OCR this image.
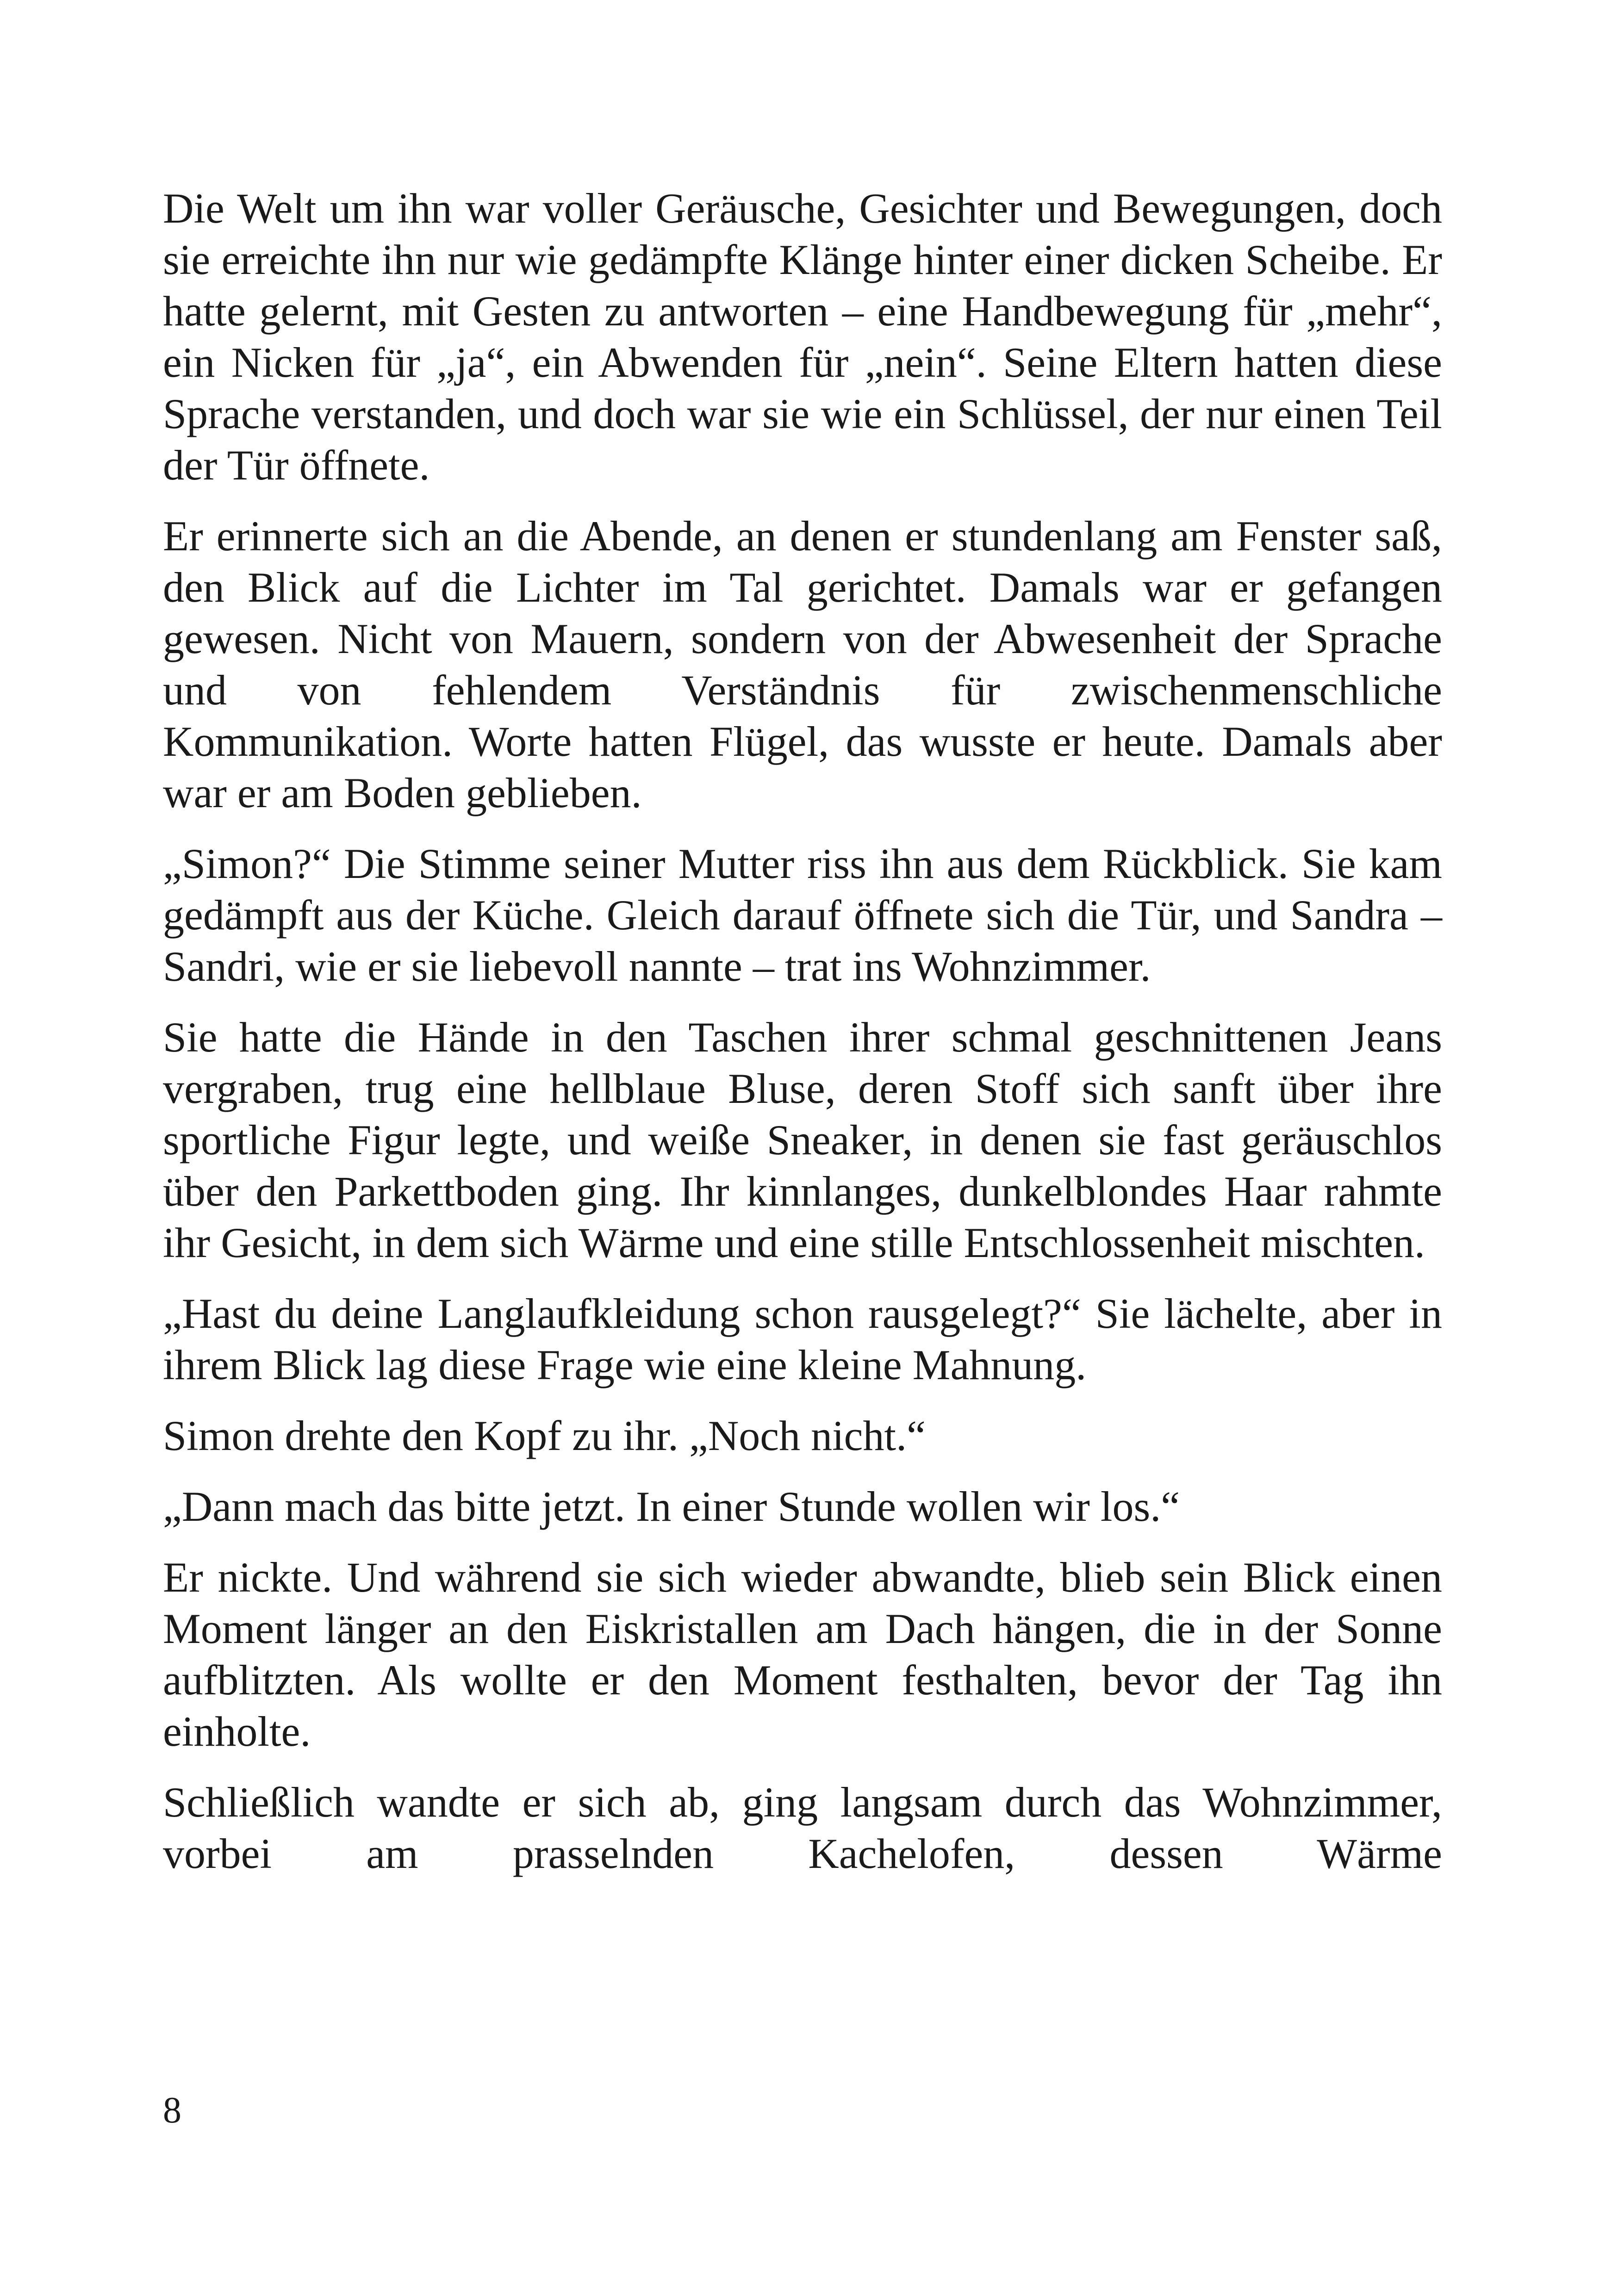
Die Welt um ihn war voller Geräusche, Gesichter und Bewegungen, doch sie erreichte ihn nur wie gedämpfte Klänge hinter einer dicken Scheibe. Er hatte gelernt, mit Gesten zu antworten – eine Handbewegung für „mehr“, ein Nicken für „ja“, ein Abwenden für „nein“. Seine Eltern hatten diese Sprache verstanden, und doch war sie wie ein Schlüssel, der nur einen Teil der Tür öffnete.

Er erinnerte sich an die Abende, an denen er stundenlang am Fenster saß, den Blick auf die Lichter im Tal gerichtet. Damals war er gefangen gewesen. Nicht von Mauern, sondern von der Abwesenheit der Sprache und von fehlendem Verständnis für zwischenmenschliche Kommunikation. Worte hatten Flügel, das wusste er heute. Damals aber war er am Boden geblieben.

„Simon?“ Die Stimme seiner Mutter riss ihn aus dem Rückblick. Sie kam gedämpft aus der Küche. Gleich darauf öffnete sich die Tür, und Sandra – Sandri, wie er sie liebevoll nannte – trat ins Wohnzimmer.

Sie hatte die Hände in den Taschen ihrer schmal geschnittenen Jeans vergraben, trug eine hellblaue Bluse, deren Stoff sich sanft über ihre sportliche Figur legte, und weiße Sneaker, in denen sie fast geräuschlos über den Parkettboden ging. Ihr kinnlanges, dunkelblondes Haar rahmte ihr Gesicht, in dem sich Wärme und eine stille Entschlossenheit mischten.

„Hast du deine Langlaufkleidung schon rausgelegt?“ Sie lächelte, aber in ihrem Blick lag diese Frage wie eine kleine Mahnung.

Simon drehte den Kopf zu ihr. „Noch nicht.“

„Dann mach das bitte jetzt. In einer Stunde wollen wir los.“

Er nickte. Und während sie sich wieder abwandte, blieb sein Blick einen Moment länger an den Eiskristallen am Dach hängen, die in der Sonne aufblitzten. Als wollte er den Moment festhalten, bevor der Tag ihn einholte.

Schließlich wandte er sich ab, ging langsam durch das Wohnzimmer, vorbei am prasselnden Kachelofen, dessen Wärme

8
